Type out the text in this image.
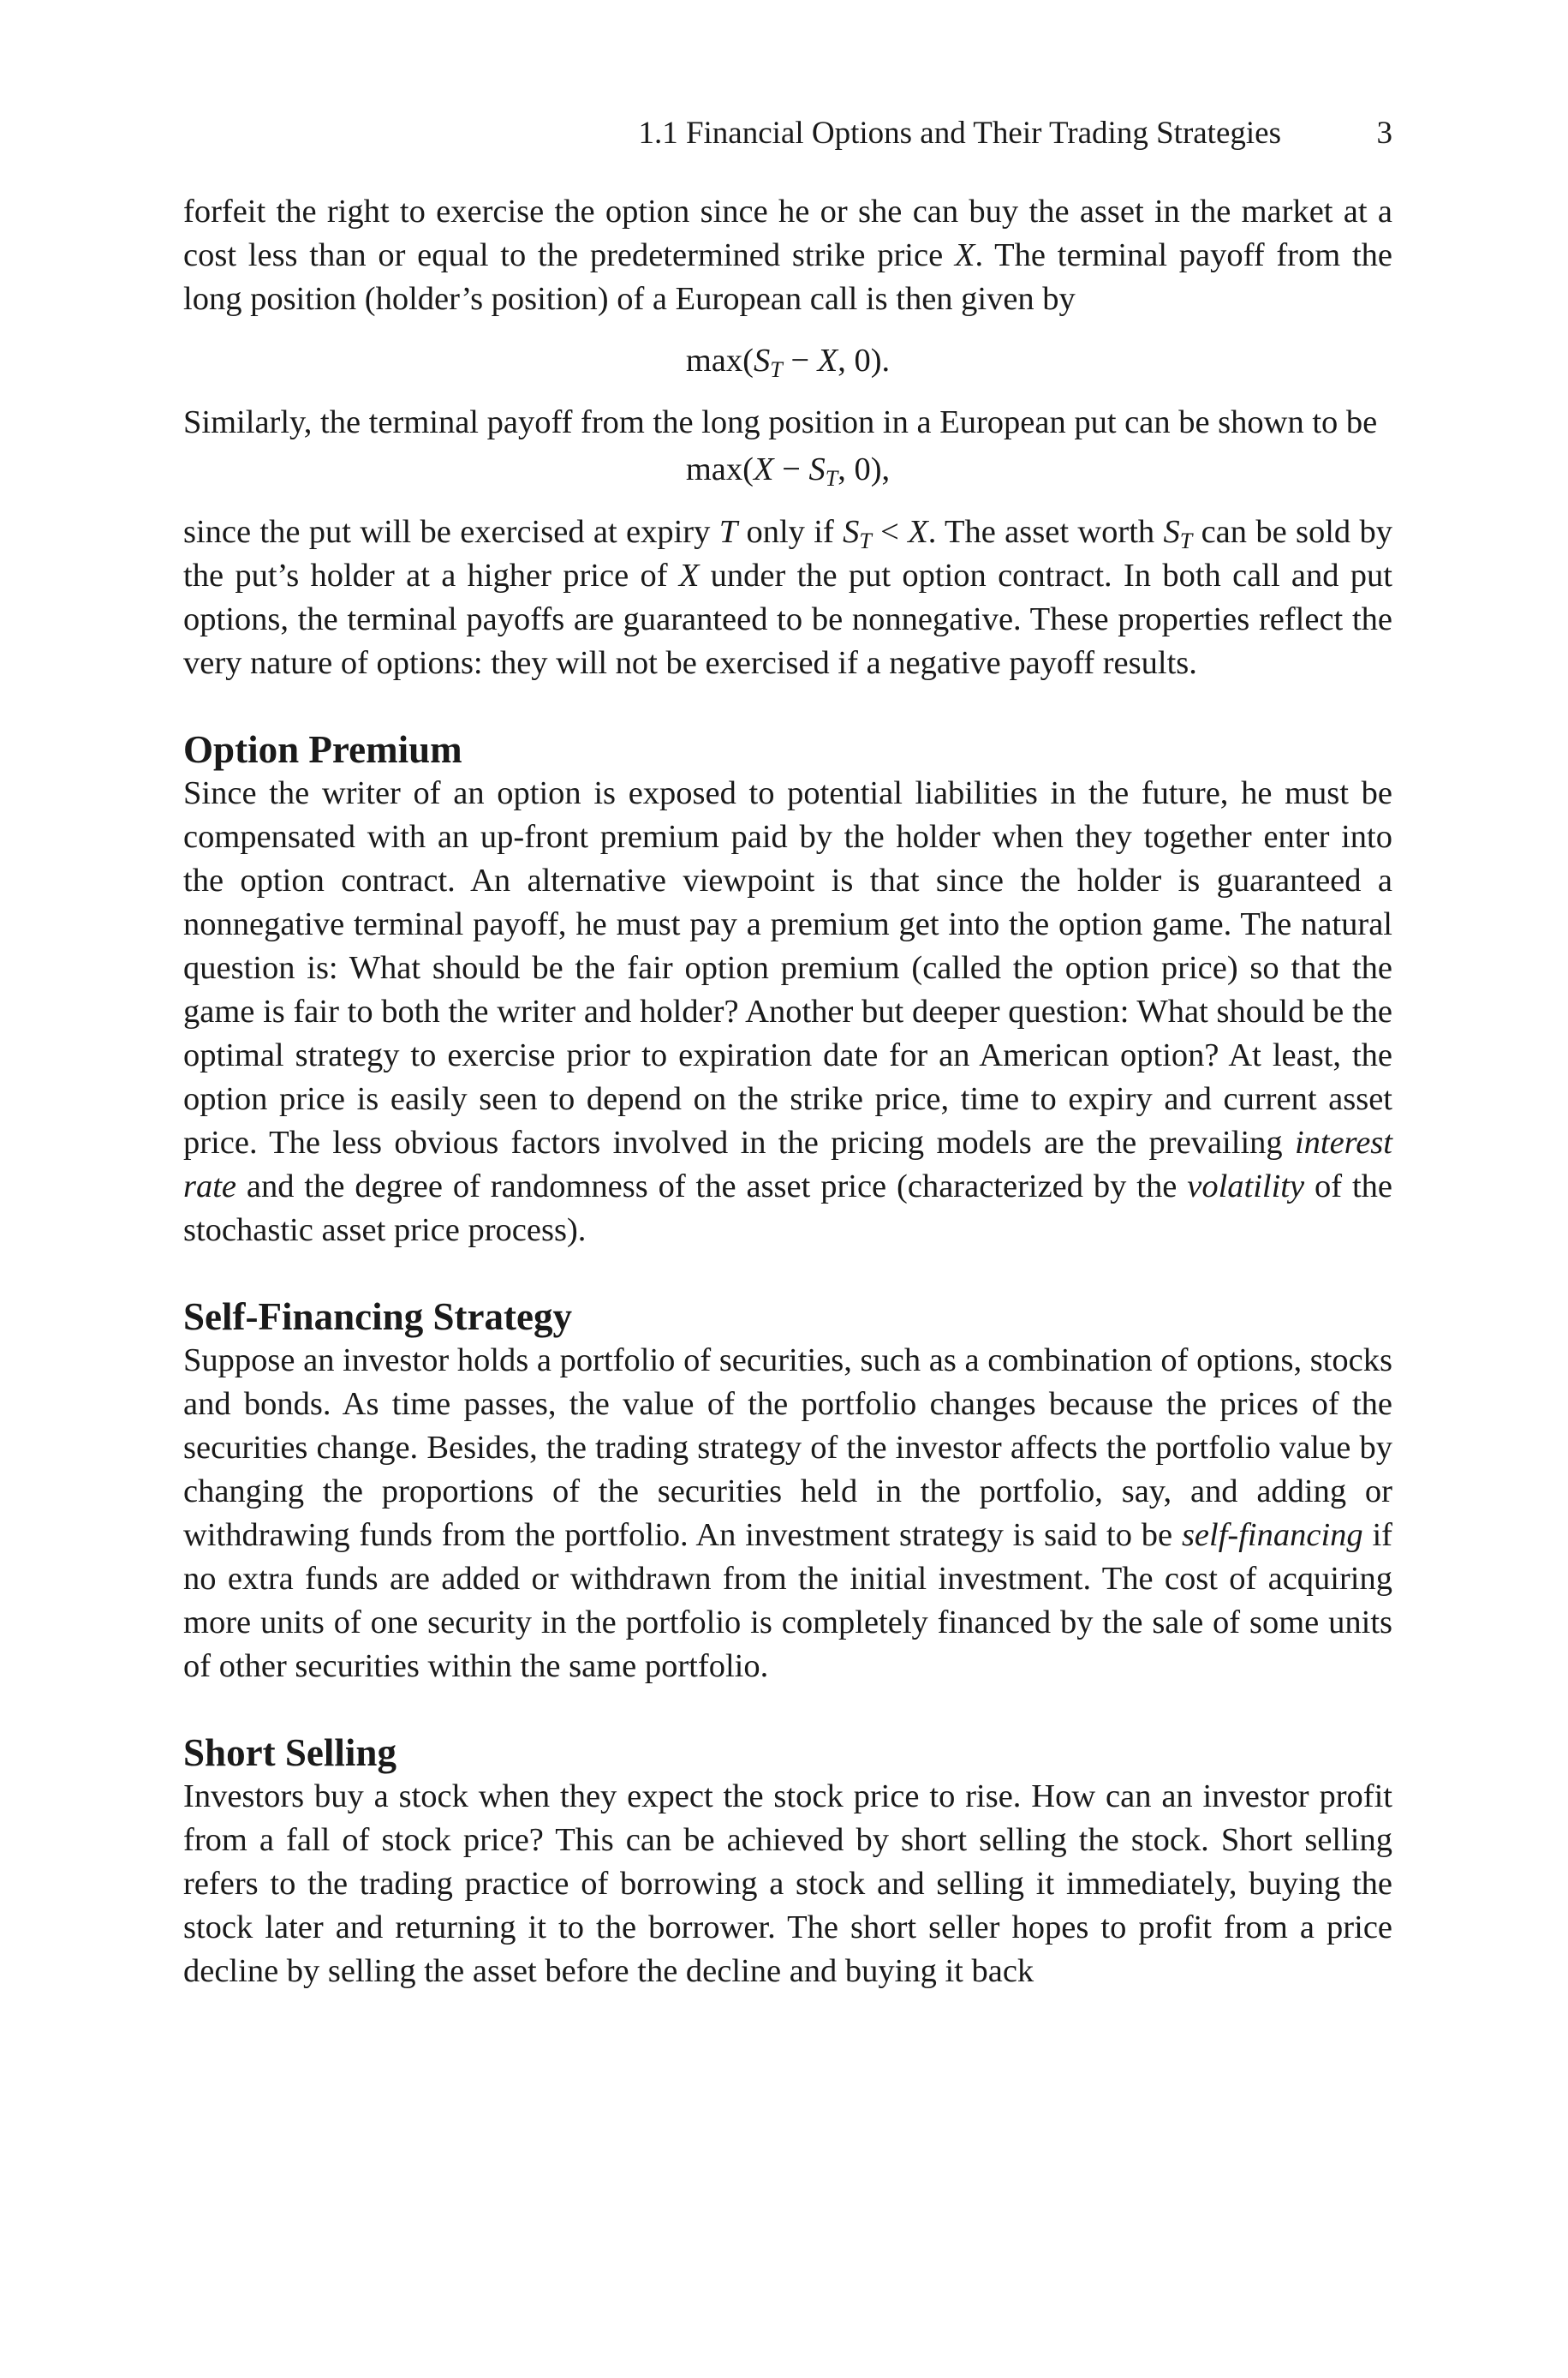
1.1 Financial Options and Their Trading Strategies	3

forfeit the right to exercise the option since he or she can buy the asset in the market at a cost less than or equal to the predetermined strike price X. The terminal payoff from the long position (holder’s position) of a European call is then given by

$\max(S_T - X$, 0).

Similarly, the terminal payoff from the long position in a European put can be shown to be

$\max(X - S_T$, 0),

since the put will be exercised at expiry T only if $S_T < X$. The asset worth $S_T$ can be sold by the put’s holder at a higher price of X under the put option contract. In both call and put options, the terminal payoffs are guaranteed to be nonnegative. These properties reflect the very nature of options: they will not be exercised if a negative payoff results.

Option Premium

Since the writer of an option is exposed to potential liabilities in the future, he must be compensated with an up-front premium paid by the holder when they together enter into the option contract. An alternative viewpoint is that since the holder is guaranteed a nonnegative terminal payoff, he must pay a premium get into the option game. The natural question is: What should be the fair option premium (called the option price) so that the game is fair to both the writer and holder? Another but deeper question: What should be the optimal strategy to exercise prior to expiration date for an American option? At least, the option price is easily seen to depend on the strike price, time to expiry and current asset price. The less obvious factors involved in the pricing models are the prevailing interest rate and the degree of randomness of the asset price (characterized by the volatility of the stochastic asset price process).

Self-Financing Strategy

Suppose an investor holds a portfolio of securities, such as a combination of options, stocks and bonds. As time passes, the value of the portfolio changes because the prices of the securities change. Besides, the trading strategy of the investor affects the portfolio value by changing the proportions of the securities held in the portfolio, say, and adding or withdrawing funds from the portfolio. An investment strategy is said to be self-financing if no extra funds are added or withdrawn from the initial investment. The cost of acquiring more units of one security in the portfolio is completely financed by the sale of some units of other securities within the same portfolio.

Short Selling

Investors buy a stock when they expect the stock price to rise. How can an investor profit from a fall of stock price? This can be achieved by short selling the stock. Short selling refers to the trading practice of borrowing a stock and selling it immediately, buying the stock later and returning it to the borrower. The short seller hopes to profit from a price decline by selling the asset before the decline and buying it back
